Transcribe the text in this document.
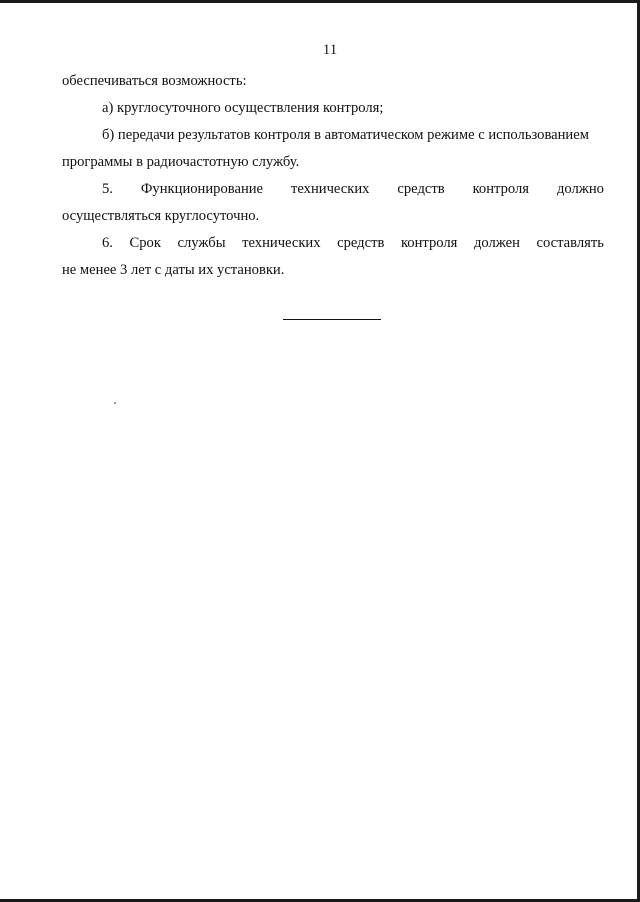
11

обеспечиваться возможность:

а) круглосуточного осуществления контроля;

б) передачи результатов контроля в автоматическом режиме с использованием

программы в радиочастотную службу.

5. Функционирование технических средств контроля должно

осуществляться круглосуточно.

6. Срок службы технических средств контроля должен составлять

не менее 3 лет с даты их установки.
